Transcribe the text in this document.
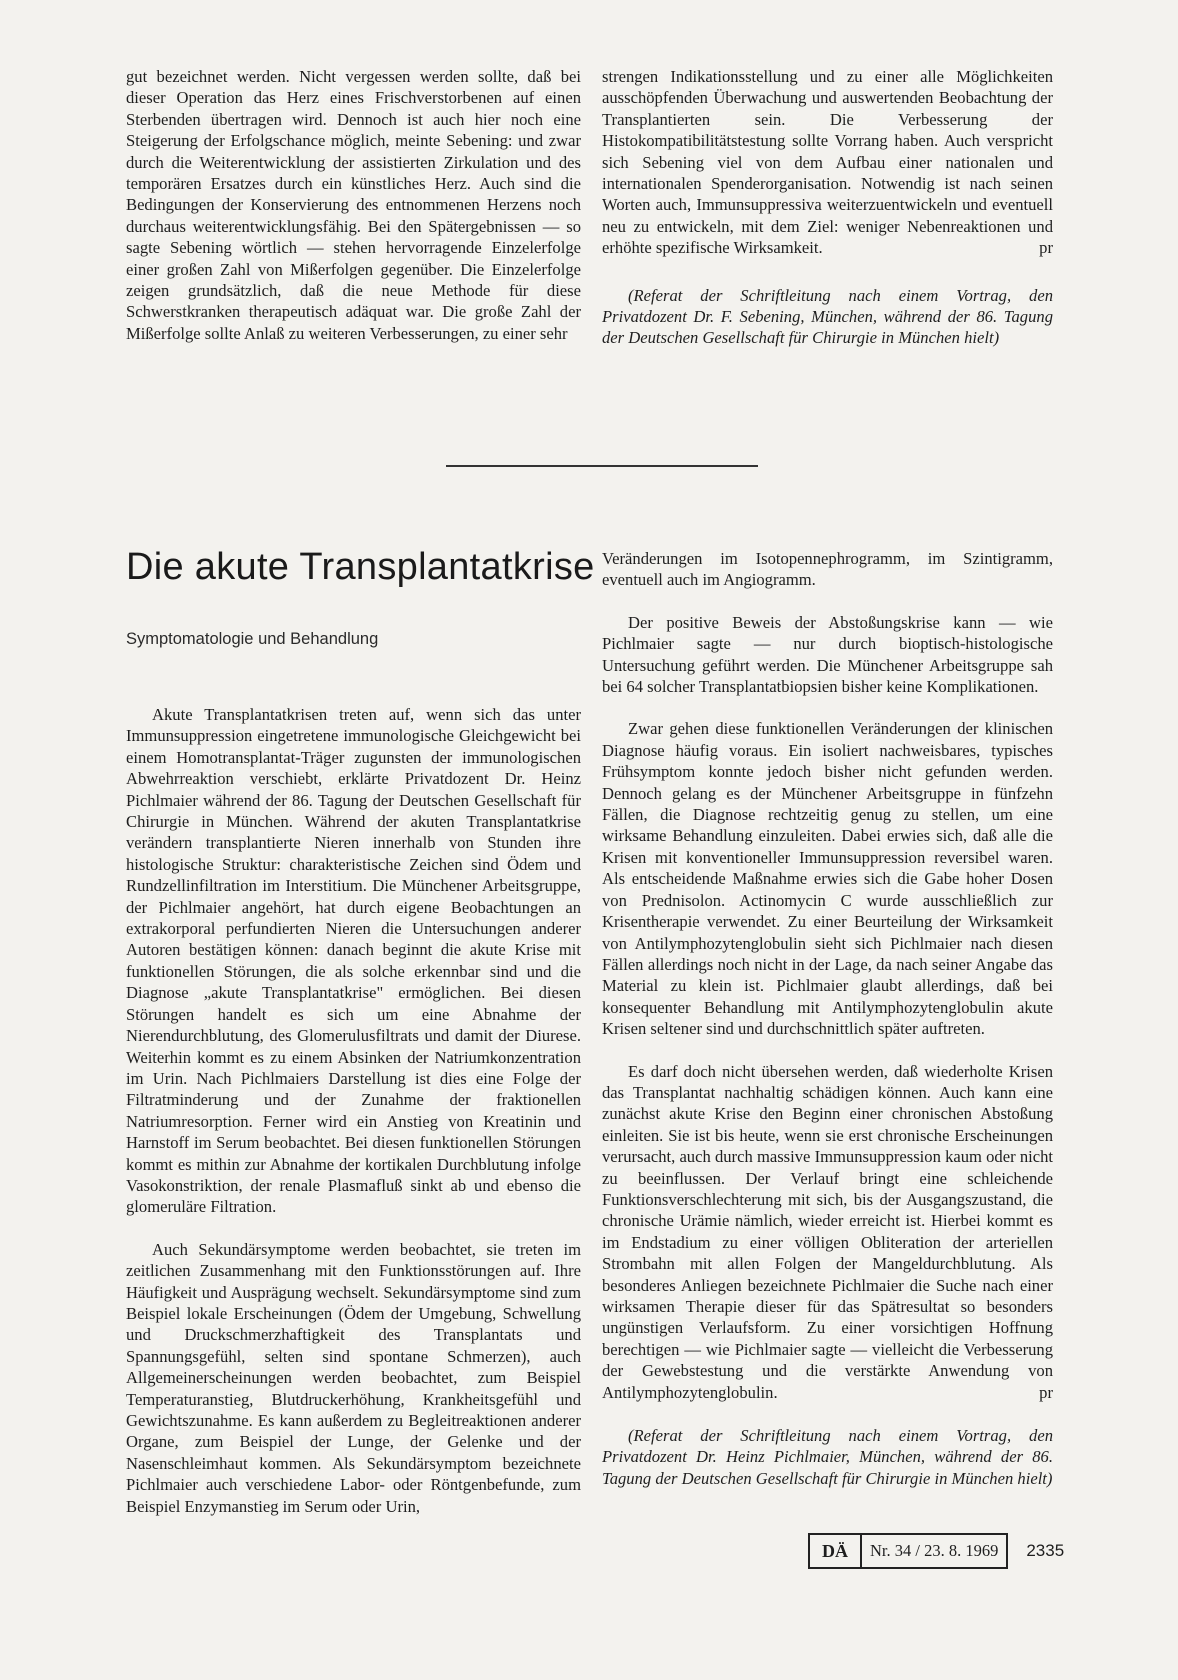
gut bezeichnet werden. Nicht vergessen werden sollte, daß bei dieser Operation das Herz eines Frischverstorbenen auf einen Sterbenden übertragen wird. Dennoch ist auch hier noch eine Steigerung der Erfolgschance möglich, meinte Sebening: und zwar durch die Weiterentwicklung der assistierten Zirkulation und des temporären Ersatzes durch ein künstliches Herz. Auch sind die Bedingungen der Konservierung des entnommenen Herzens noch durchaus weiterentwicklungsfähig. Bei den Spätergebnissen — so sagte Sebening wörtlich — stehen hervorragende Einzelerfolge einer großen Zahl von Mißerfolgen gegenüber. Die Einzelerfolge zeigen grundsätzlich, daß die neue Methode für diese Schwerstkranken therapeutisch adäquat war. Die große Zahl der Mißerfolge sollte Anlaß zu weiteren Verbesserungen, zu einer sehr

strengen Indikationsstellung und zu einer alle Möglichkeiten ausschöpfenden Überwachung und auswertenden Beobachtung der Transplantierten sein. Die Verbesserung der Histokompatibilitätstestung sollte Vorrang haben. Auch verspricht sich Sebening viel von dem Aufbau einer nationalen und internationalen Spenderorganisation. Notwendig ist nach seinen Worten auch, Immunsuppressiva weiterzuentwickeln und eventuell neu zu entwickeln, mit dem Ziel: weniger Nebenreaktionen und erhöhte spezifische Wirksamkeit.	pr

(Referat der Schriftleitung nach einem Vortrag, den Privatdozent Dr. F. Sebening, München, während der 86. Tagung der Deutschen Gesellschaft für Chirurgie in München hielt)

Die akute Transplantatkrise
Symptomatologie und Behandlung

Akute Transplantatkrisen treten auf, wenn sich das unter Immunsuppression eingetretene immunologische Gleichgewicht bei einem Homotransplantat-Träger zugunsten der immunologischen Abwehrreaktion verschiebt, erklärte Privatdozent Dr. Heinz Pichlmaier während der 86. Tagung der Deutschen Gesellschaft für Chirurgie in München. Während der akuten Transplantatkrise verändern transplantierte Nieren innerhalb von Stunden ihre histologische Struktur: charakteristische Zeichen sind Ödem und Rundzellinfiltration im Interstitium. Die Münchener Arbeitsgruppe, der Pichlmaier angehört, hat durch eigene Beobachtungen an extrakorporal perfundierten Nieren die Untersuchungen anderer Autoren bestätigen können: danach beginnt die akute Krise mit funktionellen Störungen, die als solche erkennbar sind und die Diagnose „akute Transplantatkrise" ermöglichen. Bei diesen Störungen handelt es sich um eine Abnahme der Nierendurchblutung, des Glomerulusfiltrats und damit der Diurese. Weiterhin kommt es zu einem Absinken der Natriumkonzentration im Urin. Nach Pichlmaiers Darstellung ist dies eine Folge der Filtratminderung und der Zunahme der fraktionellen Natriumresorption. Ferner wird ein Anstieg von Kreatinin und Harnstoff im Serum beobachtet. Bei diesen funktionellen Störungen kommt es mithin zur Abnahme der kortikalen Durchblutung infolge Vasokonstriktion, der renale Plasmafluß sinkt ab und ebenso die glomeruläre Filtration.

Auch Sekundärsymptome werden beobachtet, sie treten im zeitlichen Zusammenhang mit den Funktionsstörungen auf. Ihre Häufigkeit und Ausprägung wechselt. Sekundärsymptome sind zum Beispiel lokale Erscheinungen (Ödem der Umgebung, Schwellung und Druckschmerzhaftigkeit des Transplantats und Spannungsgefühl, selten sind spontane Schmerzen), auch Allgemeinerscheinungen werden beobachtet, zum Beispiel Temperaturanstieg, Blutdruckerhöhung, Krankheitsgefühl und Gewichtszunahme. Es kann außerdem zu Begleitreaktionen anderer Organe, zum Beispiel der Lunge, der Gelenke und der Nasenschleimhaut kommen. Als Sekundärsymptom bezeichnete Pichlmaier auch verschiedene Labor- oder Röntgenbefunde, zum Beispiel Enzymanstieg im Serum oder Urin,

Veränderungen im Isotopennephrogramm, im Szintigramm, eventuell auch im Angiogramm.

Der positive Beweis der Abstoßungskrise kann — wie Pichlmaier sagte — nur durch bioptisch-histologische Untersuchung geführt werden. Die Münchener Arbeitsgruppe sah bei 64 solcher Transplantatbiopsien bisher keine Komplikationen.

Zwar gehen diese funktionellen Veränderungen der klinischen Diagnose häufig voraus. Ein isoliert nachweisbares, typisches Frühsymptom konnte jedoch bisher nicht gefunden werden. Dennoch gelang es der Münchener Arbeitsgruppe in fünfzehn Fällen, die Diagnose rechtzeitig genug zu stellen, um eine wirksame Behandlung einzuleiten. Dabei erwies sich, daß alle die Krisen mit konventioneller Immunsuppression reversibel waren. Als entscheidende Maßnahme erwies sich die Gabe hoher Dosen von Prednisolon. Actinomycin C wurde ausschließlich zur Krisentherapie verwendet. Zu einer Beurteilung der Wirksamkeit von Antilymphozytenglobulin sieht sich Pichlmaier nach diesen Fällen allerdings noch nicht in der Lage, da nach seiner Angabe das Material zu klein ist. Pichlmaier glaubt allerdings, daß bei konsequenter Behandlung mit Antilymphozytenglobulin akute Krisen seltener sind und durchschnittlich später auftreten.

Es darf doch nicht übersehen werden, daß wiederholte Krisen das Transplantat nachhaltig schädigen können. Auch kann eine zunächst akute Krise den Beginn einer chronischen Abstoßung einleiten. Sie ist bis heute, wenn sie erst chronische Erscheinungen verursacht, auch durch massive Immunsuppression kaum oder nicht zu beeinflussen. Der Verlauf bringt eine schleichende Funktionsverschlechterung mit sich, bis der Ausgangszustand, die chronische Urämie nämlich, wieder erreicht ist. Hierbei kommt es im Endstadium zu einer völligen Obliteration der arteriellen Strombahn mit allen Folgen der Mangeldurchblutung. Als besonderes Anliegen bezeichnete Pichlmaier die Suche nach einer wirksamen Therapie dieser für das Spätresultat so besonders ungünstigen Verlaufsform. Zu einer vorsichtigen Hoffnung berechtigen — wie Pichlmaier sagte — vielleicht die Verbesserung der Gewebstestung und die verstärkte Anwendung von Antilymphozytenglobulin.	pr

(Referat der Schriftleitung nach einem Vortrag, den Privatdozent Dr. Heinz Pichlmaier, München, während der 86. Tagung der Deutschen Gesellschaft für Chirurgie in München hielt)

DÄ	Nr. 34 / 23. 8. 1969	2335
